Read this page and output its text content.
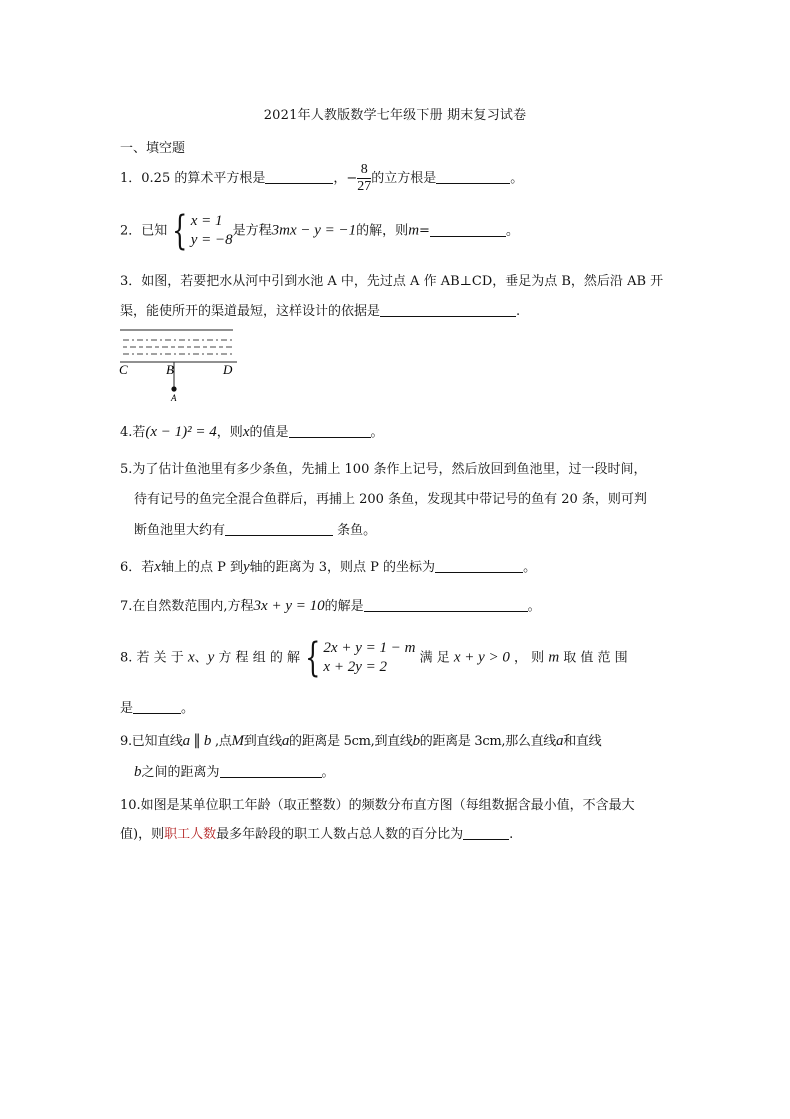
2021年人教版数学七年级下册 期末复习试卷
一、填空题
1．0.25 的算术平方根是	，− $\frac{8}{27}$ 的立方根是	。
2．已知 { x = 1
y = −8
是方程3mx − y = −1的解，则m=	。
3．如图，若要把水从河中引到水池 A 中，先过点 A 作 AB⊥CD，垂足为点 B，然后沿 AB 开
渠，能使所开的渠道最短，这样设计的依据是	.
C	B	D
A
4.若(x − 1)² = 4，则x的值是	。
5.为了估计鱼池里有多少条鱼，先捕上 100 条作上记号，然后放回到鱼池里，过一段时间，
待有记号的鱼完全混合鱼群后，再捕上 200 条鱼，发现其中带记号的鱼有 20 条，则可判
断鱼池里大约有	条鱼。
6．若x轴上的点 P 到y轴的距离为 3，则点 P 的坐标为	。
7.在自然数范围内,方程3x + y = 10的解是	。
8. 若 关 于 x、y 方 程 组 的 解 { 2x + y = 1 − m
x + 2y = 2
满 足 x + y > 0 ， 则 m 取 值 范 围
是	。
9.已知直线a ∥ b ,点M到直线a的距离是 5cm,到直线b的距离是 3cm,那么直线a和直线
b之间的距离为	。
10.如图是某单位职工年龄（取正整数）的频数分布直方图（每组数据含最小值，不含最大
值)，则职工人数最多年龄段的职工人数占总人数的百分比为	.
